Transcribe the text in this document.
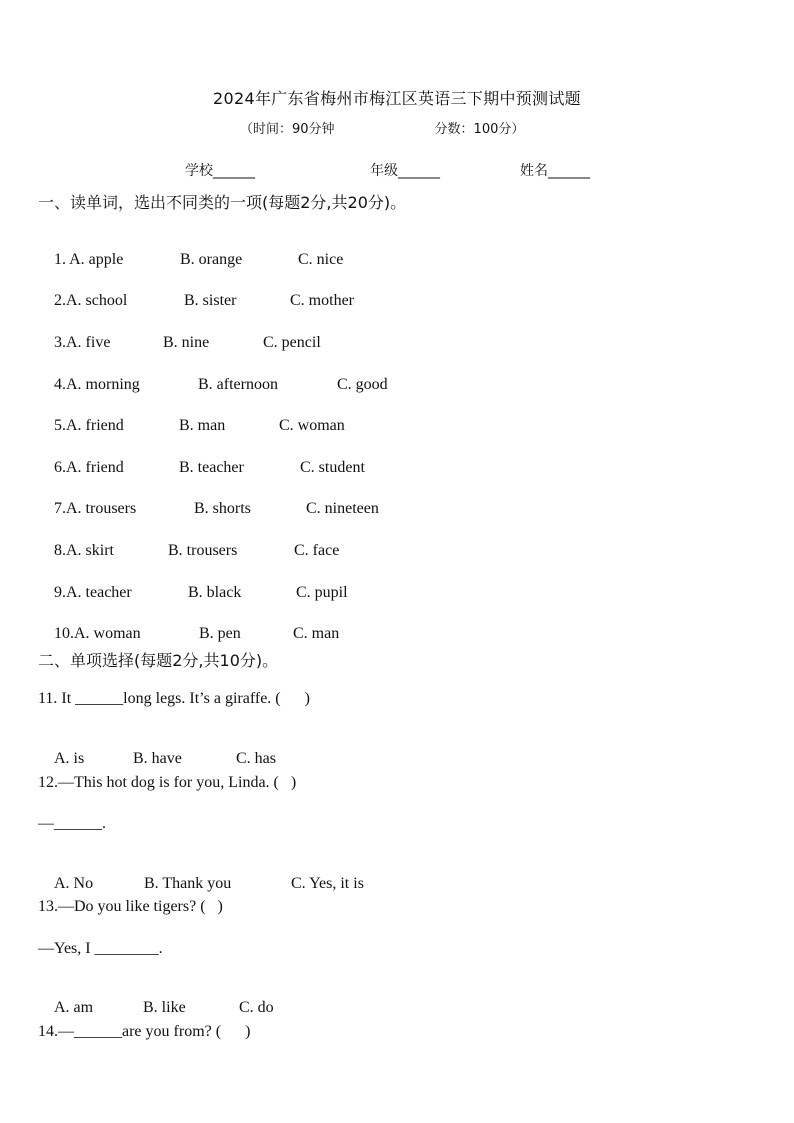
2024年广东省梅州市梅江区英语三下期中预测试题
（时间：90分钟	分数：100分）
学校______	年级______	姓名______
一、读单词，选出不同类的一项(每题2分,共20分)。

1. A. apple	B. orange	C. nice

2.A. school	B. sister	C. mother

3.A. five	B. nine	C. pencil

4.A. morning	B. afternoon	C. good

5.A. friend	B. man	C. woman

6.A. friend	B. teacher	C. student

7.A. trousers	B. shorts	C. nineteen

8.A. skirt	B. trousers	C. face

9.A. teacher	B. black	C. pupil

10.A. woman	B. pen	C. man

二、单项选择(每题2分,共10分)。
11. It ______long legs. It’s a giraffe. (      )

A. is	B. have	C. has

12.—This hot dog is for you, Linda. (   )
—______.

A. No	B. Thank you	C. Yes, it is

13.—Do you like tigers? (   )
—Yes, I ________.

A. am	B. like	C. do

14.—______are you from? (      )
